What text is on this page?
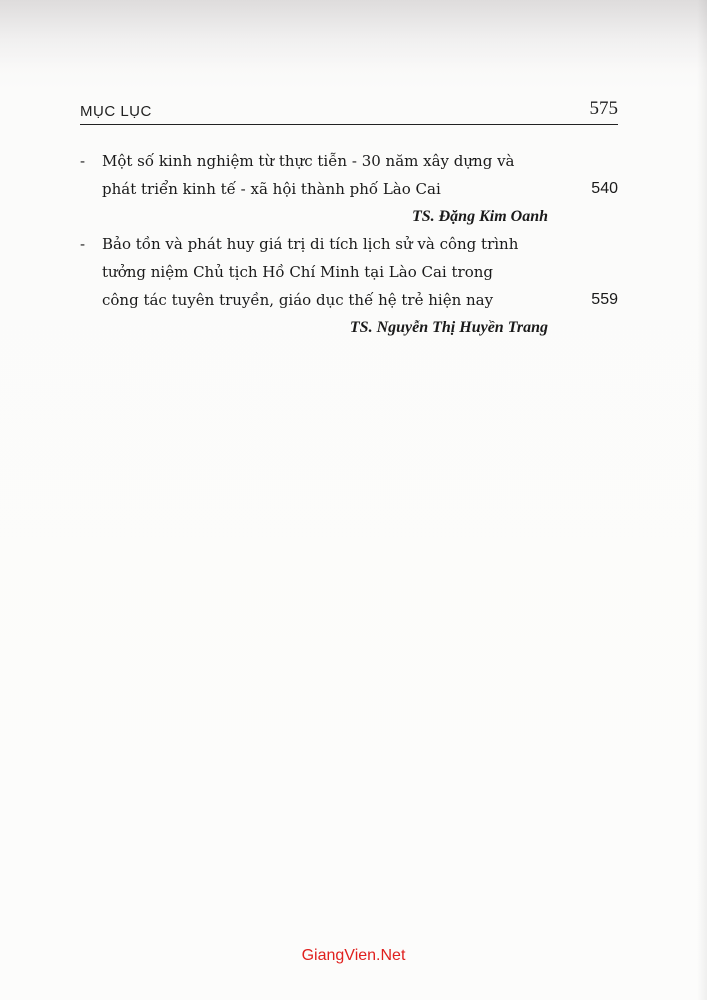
MỤC LỤC	575
- Một số kinh nghiệm từ thực tiễn - 30 năm xây dựng và
phát triển kinh tế - xã hội thành phố Lào Cai	540
TS. Đặng Kim Oanh
- Bảo tồn và phát huy giá trị di tích lịch sử và công trình
tưởng niệm Chủ tịch Hồ Chí Minh tại Lào Cai trong
công tác tuyên truyền, giáo dục thế hệ trẻ hiện nay	559
TS. Nguyễn Thị Huyền Trang
GiangVien.Net
